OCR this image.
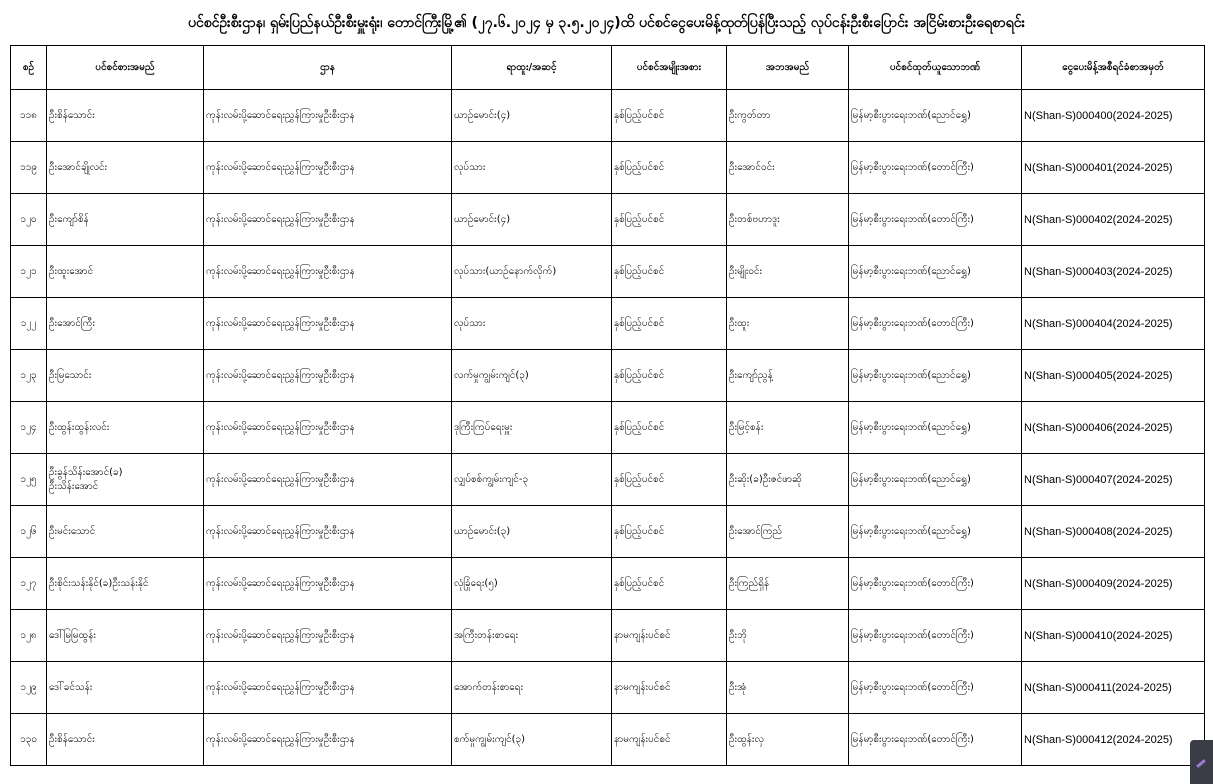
ပင်စင်ဦးစီးဌာန၊ ရှမ်းပြည်နယ်ဦးစီးမှူးရုံး၊ တောင်ကြီးမြို့၏ (၂၇.၆.၂၀၂၄ မှ ၃.၅.၂၀၂၄)ထိ ပင်စင်ငွေပေးမိန့်ထုတ်ပြန်ပြီးသည့် လုပ်ငန်းဦးစီးပြောင်း အငြိမ်းစားဦးရေစာရင်း
စဉ်	ပင်စင်စားအမည်	ဌာန	ရာထူး/အဆင့်	ပင်စင်အမျိုးအစား	အဘအမည်	ပင်စင်ထုတ်ယူသောဘဏ်	ငွေပေးမိန့်အစီရင်ခံစာအမှတ်
၁၁၈	ဦးစိန်သောင်း	ကုန်းလမ်းပို့ဆောင်ရေးညွှန်ကြားမှုဦးစီးဌာန	ယာဉ်မောင်း(၄)	နှစ်ပြည့်ပင်စင်	ဦးကွတ်တာ	မြန်မာ့စီးပွားရေးဘဏ်(ညောင်ရွှေ)	N(Shan-S)000400(2024-2025)
၁၁၉	ဦးအောင်ချိုလင်း	ကုန်းလမ်းပို့ဆောင်ရေးညွှန်ကြားမှုဦးစီးဌာန	လုပ်သား	နှစ်ပြည့်ပင်စင်	ဦးအောင်ဝင်း	မြန်မာ့စီးပွားရေးဘဏ်(တောင်ကြီး)	N(Shan-S)000401(2024-2025)
၁၂၀	ဦးကျော်စိန်	ကုန်းလမ်းပို့ဆောင်ရေးညွှန်ကြားမှုဦးစီးဌာန	ယာဉ်မောင်း(၄)	နှစ်ပြည့်ပင်စင်	ဦးတစ်ဗဟာဒူး	မြန်မာ့စီးပွားရေးဘဏ်(တောင်ကြီး)	N(Shan-S)000402(2024-2025)
၁၂၁	ဦးထူးအောင်	ကုန်းလမ်းပို့ဆောင်ရေးညွှန်ကြားမှုဦးစီးဌာန	လုပ်သား(ယာဉ်နောက်လိုက်)	နှစ်ပြည့်ပင်စင်	ဦးမျိုးဝင်း	မြန်မာ့စီးပွားရေးဘဏ်(ညောင်ရွှေ)	N(Shan-S)000403(2024-2025)
၁၂၂	ဦးအောင်ကြီး	ကုန်းလမ်းပို့ဆောင်ရေးညွှန်ကြားမှုဦးစီးဌာန	လုပ်သား	နှစ်ပြည့်ပင်စင်	ဦးထူး	မြန်မာ့စီးပွားရေးဘဏ်(တောင်ကြီး)	N(Shan-S)000404(2024-2025)
၁၂၃	ဦးမြသောင်း	ကုန်းလမ်းပို့ဆောင်ရေးညွှန်ကြားမှုဦးစီးဌာန	လက်မှုကျွမ်းကျင်(၃)	နှစ်ပြည့်ပင်စင်	ဦးကျော်ညွန့်	မြန်မာ့စီးပွားရေးဘဏ်(ညောင်ရွှေ)	N(Shan-S)000405(2024-2025)
၁၂၄	ဦးထွန်းထွန်းလင်း	ကုန်းလမ်းပို့ဆောင်ရေးညွှန်ကြားမှုဦးစီးဌာန	ဒုကြီးကြပ်ရေးမှူး	နှစ်ပြည့်ပင်စင်	ဦးမြင့်စန်း	မြန်မာ့စီးပွားရေးဘဏ်(ညောင်ရွှေ)	N(Shan-S)000406(2024-2025)
၁၂၅	ဦးခွန်သိန်းအောင်(ခ)
ဦးသိန်းအောင်	ကုန်းလမ်းပို့ဆောင်ရေးညွှန်ကြားမှုဦးစီးဌာန	လျှပ်စစ်ကျွမ်းကျင်-၃	နှစ်ပြည့်ပင်စင်	ဦးဆိုး(ခ)ဦးဇင်ဖာဆို	မြန်မာ့စီးပွားရေးဘဏ်(ညောင်ရွှေ)	N(Shan-S)000407(2024-2025)
၁၂၆	ဦးမင်းသောင်	ကုန်းလမ်းပို့ဆောင်ရေးညွှန်ကြားမှုဦးစီးဌာန	ယာဉ်မောင်း(၃)	နှစ်ပြည့်ပင်စင်	ဦးအောင်ကြည်	မြန်မာ့စီးပွားရေးဘဏ်(ညောင်ရွှေ)	N(Shan-S)000408(2024-2025)
၁၂၇	ဦးစိုင်းသန်းနိုင်(ခ)ဦးသန်းနိုင်	ကုန်းလမ်းပို့ဆောင်ရေးညွှန်ကြားမှုဦးစီးဌာန	လုံခြုံရေး(၅)	နှစ်ပြည့်ပင်စင်	ဦးကြည်ရှိန်	မြန်မာ့စီးပွားရေးဘဏ်(တောင်ကြီး)	N(Shan-S)000409(2024-2025)
၁၂၈	ဒေါ်မြမြထွန်း	ကုန်းလမ်းပို့ဆောင်ရေးညွှန်ကြားမှုဦးစီးဌာန	အကြီးတန်းစာရေး	နာမကျန်းပင်စင်	ဦးဘို	မြန်မာ့စီးပွားရေးဘဏ်(တောင်ကြီး)	N(Shan-S)000410(2024-2025)
၁၂၉	ဒေါ်ခင်သန်း	ကုန်းလမ်းပို့ဆောင်ရေးညွှန်ကြားမှုဦးစီးဌာန	အောက်တန်းစာရေး	နာမကျန်းပင်စင်	ဦးအုံ	မြန်မာ့စီးပွားရေးဘဏ်(တောင်ကြီး)	N(Shan-S)000411(2024-2025)
၁၃၀	ဦးစိန်သောင်း	ကုန်းလမ်းပို့ဆောင်ရေးညွှန်ကြားမှုဦးစီးဌာန	စက်မှုကျွမ်းကျင်(၃)	နာမကျန်းပင်စင်	ဦးထွန်းလှ	မြန်မာ့စီးပွားရေးဘဏ်(တောင်ကြီး)	N(Shan-S)000412(2024-2025)
